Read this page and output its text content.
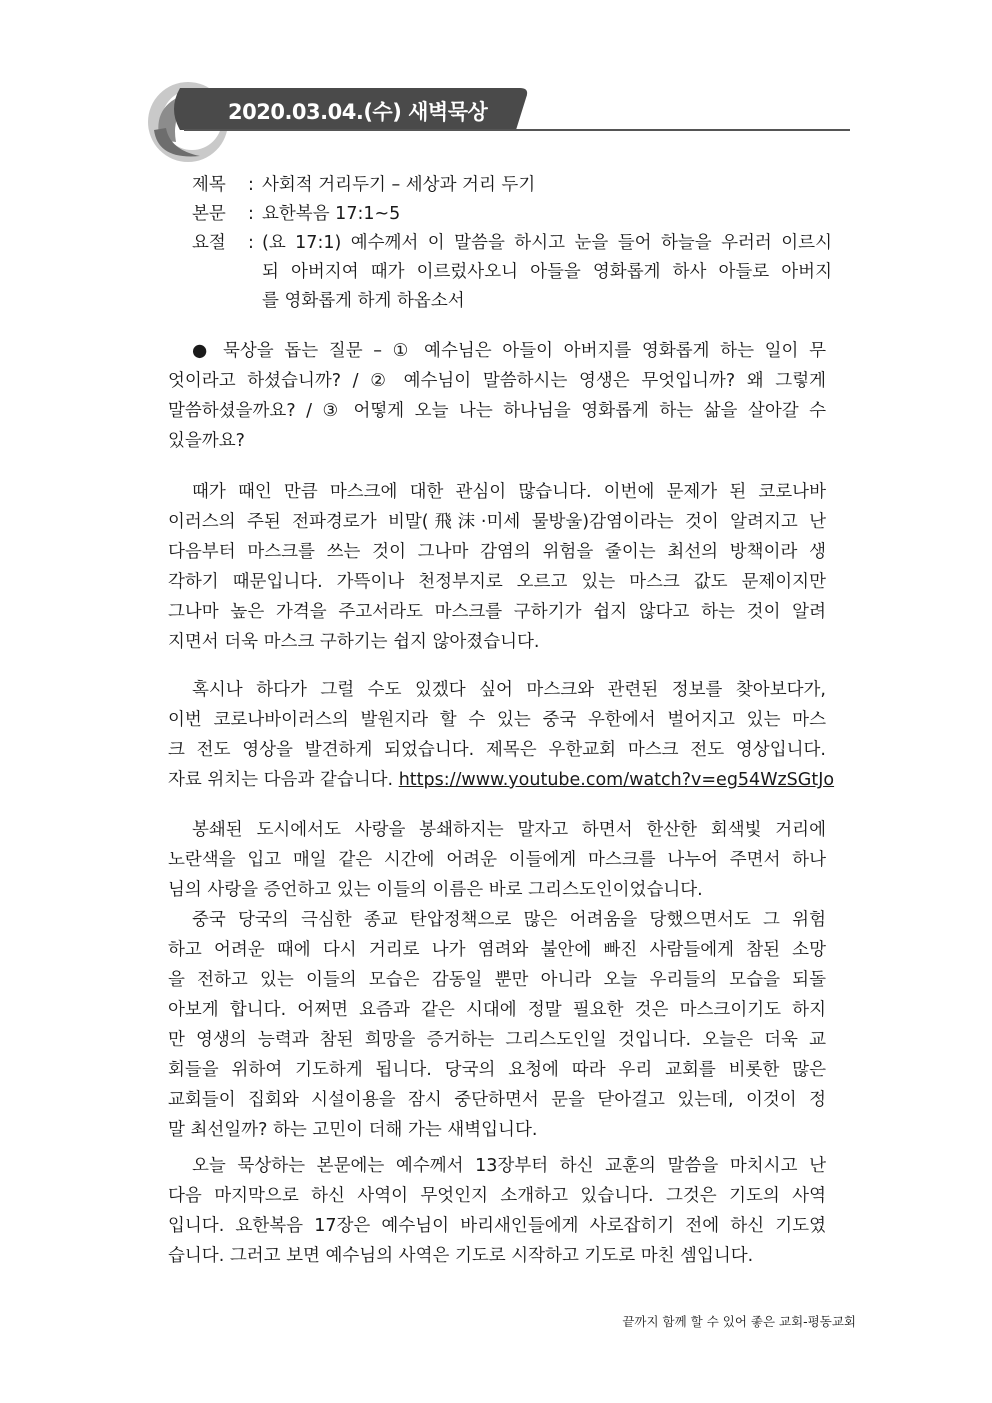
2020.03.04.(수) 새벽묵상
제목	: 사회적 거리두기 – 세상과 거리 두기
본문	: 요한복음 17:1~5
요절	: (요 17:1) 예수께서 이 말씀을 하시고 눈을 들어 하늘을 우러러 이르시
되 아버지여 때가 이르렀사오니 아들을 영화롭게 하사 아들로 아버지
를 영화롭게 하게 하옵소서
● 묵상을 돕는 질문 – ① 예수님은 아들이 아버지를 영화롭게 하는 일이 무
엇이라고 하셨습니까? / ② 예수님이 말씀하시는 영생은 무엇입니까? 왜 그렇게
말씀하셨을까요? / ③ 어떻게 오늘 나는 하나님을 영화롭게 하는 삶을 살아갈 수
있을까요?
때가 때인 만큼 마스크에 대한 관심이 많습니다. 이번에 문제가 된 코로나바
이러스의 주된 전파경로가 비말(飛沫·미세 물방울)감염이라는 것이 알려지고 난
다음부터 마스크를 쓰는 것이 그나마 감염의 위험을 줄이는 최선의 방책이라 생
각하기 때문입니다. 가뜩이나 천정부지로 오르고 있는 마스크 값도 문제이지만
그나마 높은 가격을 주고서라도 마스크를 구하기가 쉽지 않다고 하는 것이 알려
지면서 더욱 마스크 구하기는 쉽지 않아졌습니다.
혹시나 하다가 그럴 수도 있겠다 싶어 마스크와 관련된 정보를 찾아보다가,
이번 코로나바이러스의 발원지라 할 수 있는 중국 우한에서 벌어지고 있는 마스
크 전도 영상을 발견하게 되었습니다. 제목은 우한교회 마스크 전도 영상입니다.
자료 위치는 다음과 같습니다. https://www.youtube.com/watch?v=eg54WzSGtJo
봉쇄된 도시에서도 사랑을 봉쇄하지는 말자고 하면서 한산한 회색빛 거리에
노란색을 입고 매일 같은 시간에 어려운 이들에게 마스크를 나누어 주면서 하나
님의 사랑을 증언하고 있는 이들의 이름은 바로 그리스도인이었습니다.
중국 당국의 극심한 종교 탄압정책으로 많은 어려움을 당했으면서도 그 위험
하고 어려운 때에 다시 거리로 나가 염려와 불안에 빠진 사람들에게 참된 소망
을 전하고 있는 이들의 모습은 감동일 뿐만 아니라 오늘 우리들의 모습을 되돌
아보게 합니다. 어쩌면 요즘과 같은 시대에 정말 필요한 것은 마스크이기도 하지
만 영생의 능력과 참된 희망을 증거하는 그리스도인일 것입니다. 오늘은 더욱 교
회들을 위하여 기도하게 됩니다. 당국의 요청에 따라 우리 교회를 비롯한 많은
교회들이 집회와 시설이용을 잠시 중단하면서 문을 닫아걸고 있는데, 이것이 정
말 최선일까? 하는 고민이 더해 가는 새벽입니다.
오늘 묵상하는 본문에는 예수께서 13장부터 하신 교훈의 말씀을 마치시고 난
다음 마지막으로 하신 사역이 무엇인지 소개하고 있습니다. 그것은 기도의 사역
입니다. 요한복음 17장은 예수님이 바리새인들에게 사로잡히기 전에 하신 기도였
습니다. 그러고 보면 예수님의 사역은 기도로 시작하고 기도로 마친 셈입니다.
끝까지 함께 할 수 있어 좋은 교회-평동교회
